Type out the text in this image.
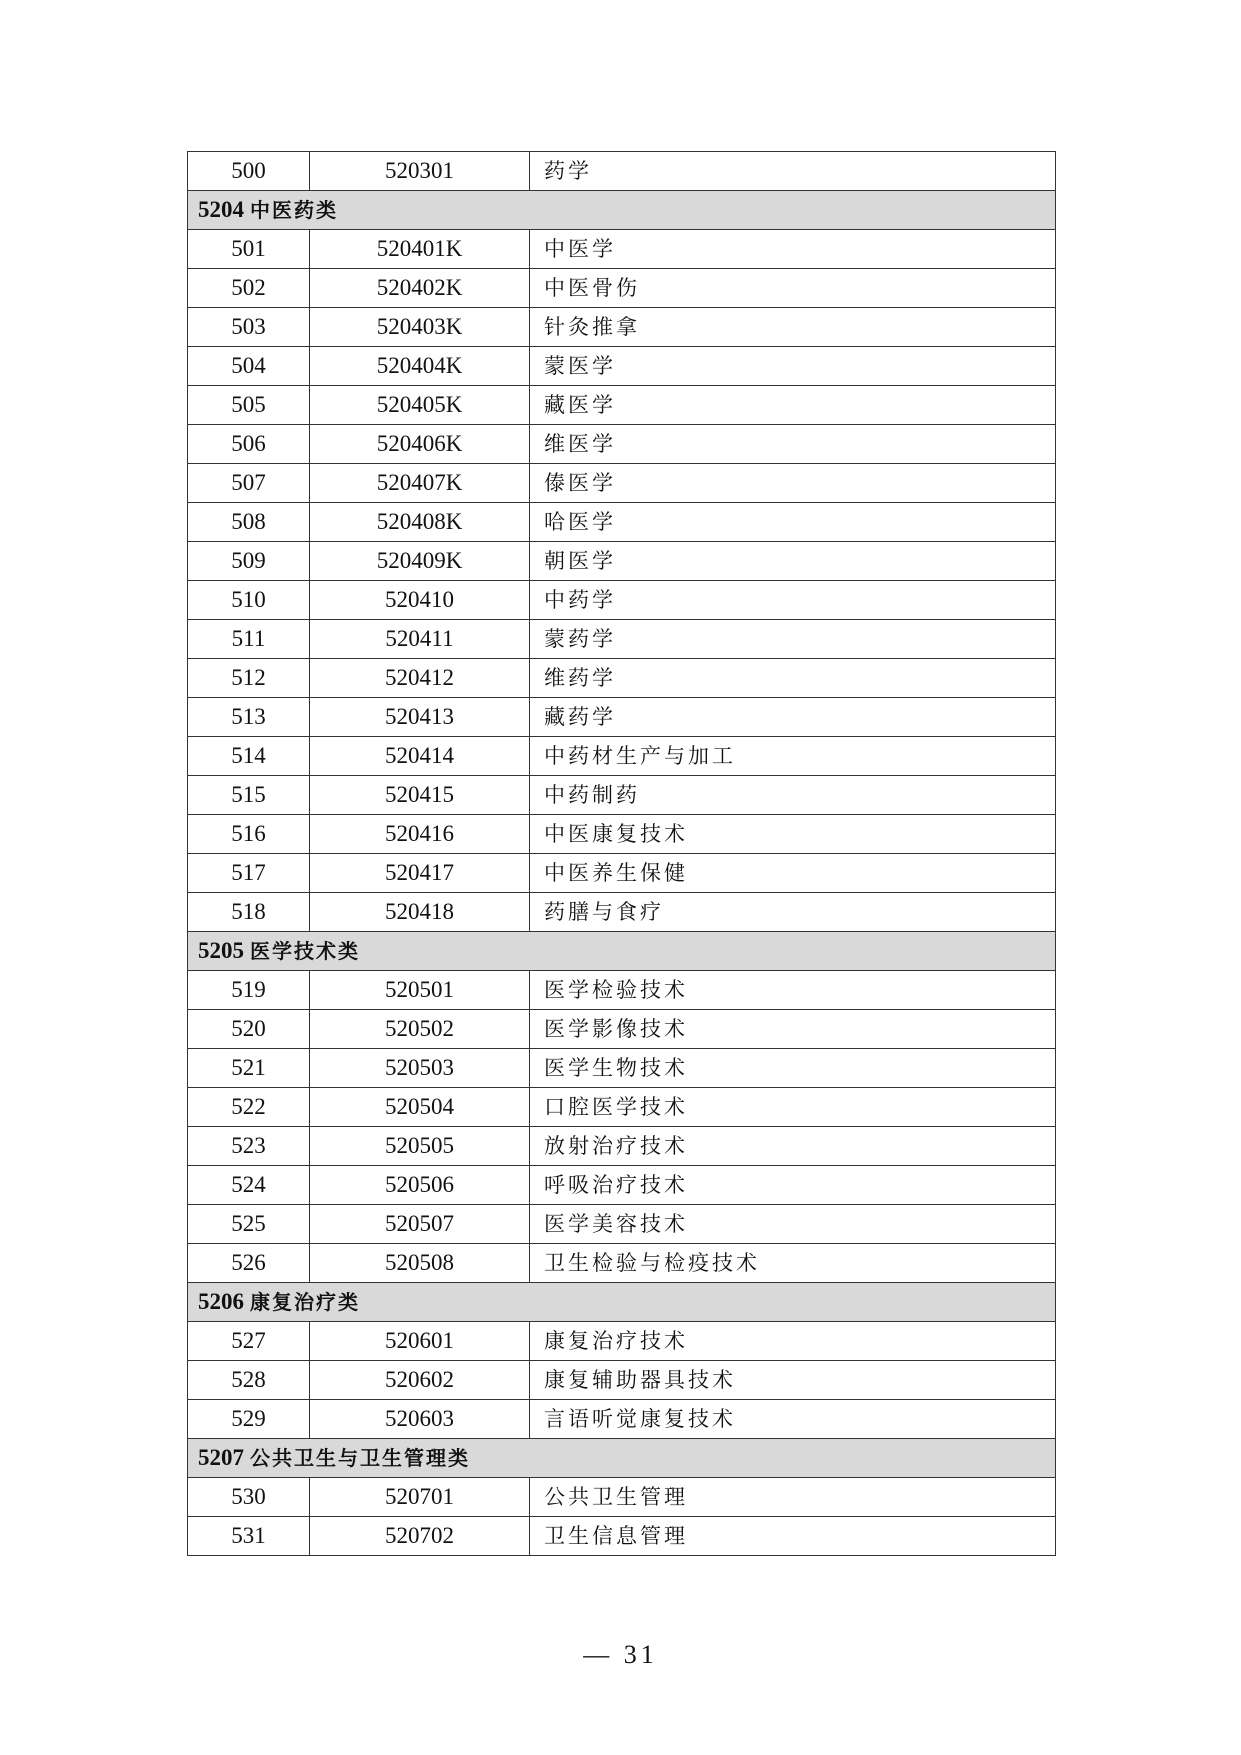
500	520301	药学
5204 中医药类		
501	520401K	中医学
502	520402K	中医骨伤
503	520403K	针灸推拿
504	520404K	蒙医学
505	520405K	藏医学
506	520406K	维医学
507	520407K	傣医学
508	520408K	哈医学
509	520409K	朝医学
510	520410	中药学
511	520411	蒙药学
512	520412	维药学
513	520413	藏药学
514	520414	中药材生产与加工
515	520415	中药制药
516	520416	中医康复技术
517	520417	中医养生保健
518	520418	药膳与食疗
5205 医学技术类		
519	520501	医学检验技术
520	520502	医学影像技术
521	520503	医学生物技术
522	520504	口腔医学技术
523	520505	放射治疗技术
524	520506	呼吸治疗技术
525	520507	医学美容技术
526	520508	卫生检验与检疫技术
5206 康复治疗类		
527	520601	康复治疗技术
528	520602	康复辅助器具技术
529	520603	言语听觉康复技术
5207 公共卫生与卫生管理类		
530	520701	公共卫生管理
531	520702	卫生信息管理
— 31
